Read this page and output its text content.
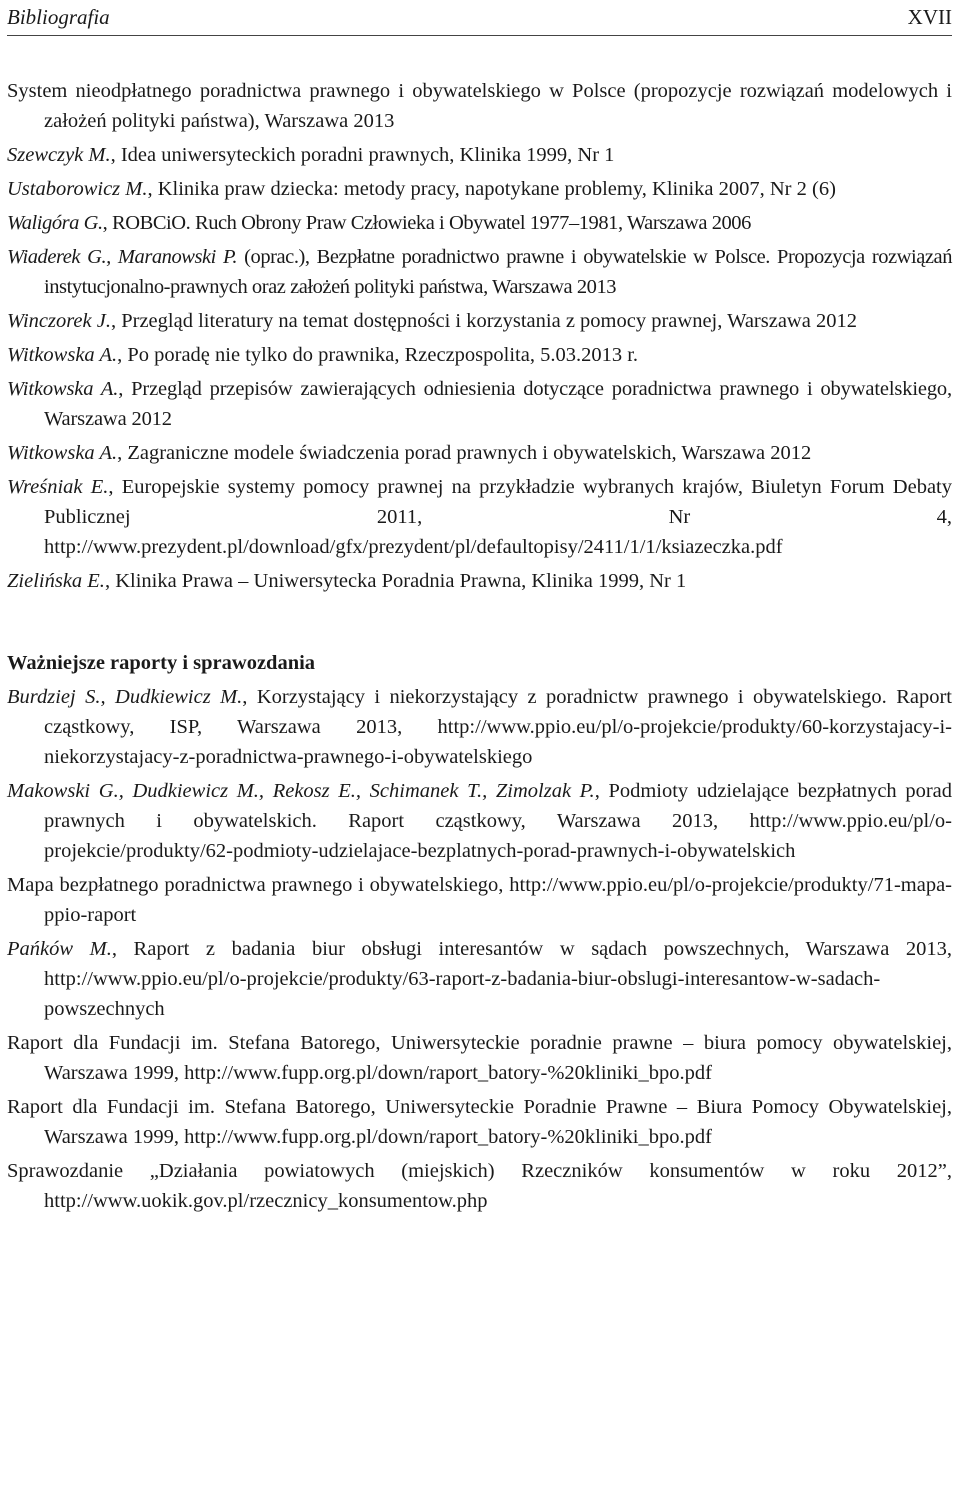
Bibliografia	XVII

System nieodpłatnego poradnictwa prawnego i obywatelskiego w Polsce (propozycje rozwiązań modelowych i założeń polityki państwa), Warszawa 2013

Szewczyk M., Idea uniwersyteckich poradni prawnych, Klinika 1999, Nr 1

Ustaborowicz M., Klinika praw dziecka: metody pracy, napotykane problemy, Klinika 2007, Nr 2 (6)

Waligóra G., ROBCiO. Ruch Obrony Praw Człowieka i Obywatel 1977–1981, Warszawa 2006

Wiaderek G., Maranowski P. (oprac.), Bezpłatne poradnictwo prawne i obywatelskie w Polsce. Propozycja rozwiązań instytucjonalno-prawnych oraz założeń polityki państwa, Warszawa 2013

Winczorek J., Przegląd literatury na temat dostępności i korzystania z pomocy prawnej, Warszawa 2012

Witkowska A., Po poradę nie tylko do prawnika, Rzeczpospolita, 5.03.2013 r.

Witkowska A., Przegląd przepisów zawierających odniesienia dotyczące poradnictwa prawnego i obywatelskiego, Warszawa 2012

Witkowska A., Zagraniczne modele świadczenia porad prawnych i obywatelskich, Warszawa 2012

Wreśniak E., Europejskie systemy pomocy prawnej na przykładzie wybranych krajów, Biuletyn Forum Debaty Publicznej 2011, Nr 4, http://www.prezydent.pl/download/gfx/prezydent/pl/defaultopisy/2411/1/1/ksiazeczka.pdf

Zielińska E., Klinika Prawa – Uniwersytecka Poradnia Prawna, Klinika 1999, Nr 1

Ważniejsze raporty i sprawozdania

Burdziej S., Dudkiewicz M., Korzystający i niekorzystający z poradnictw prawnego i obywatelskiego. Raport cząstkowy, ISP, Warszawa 2013, http://www.ppio.eu/pl/o-projekcie/produkty/60-korzystajacy-i-niekorzystajacy-z-poradnictwa-prawnego-i-obywatelskiego

Makowski G., Dudkiewicz M., Rekosz E., Schimanek T., Zimolzak P., Podmioty udzielające bezpłatnych porad prawnych i obywatelskich. Raport cząstkowy, Warszawa 2013, http://www.ppio.eu/pl/o-projekcie/produkty/62-podmioty-udzielajace-bezplatnych-porad-prawnych-i-obywatelskich

Mapa bezpłatnego poradnictwa prawnego i obywatelskiego, http://www.ppio.eu/pl/o-projekcie/produkty/71-mapa-ppio-raport

Pańków M., Raport z badania biur obsługi interesantów w sądach powszechnych, Warszawa 2013, http://www.ppio.eu/pl/o-projekcie/produkty/63-raport-z-badania-biur-obslugi-interesantow-w-sadach-powszechnych

Raport dla Fundacji im. Stefana Batorego, Uniwersyteckie poradnie prawne – biura pomocy obywatelskiej, Warszawa 1999, http://www.fupp.org.pl/down/raport_batory-%20kliniki_bpo.pdf

Raport dla Fundacji im. Stefana Batorego, Uniwersyteckie Poradnie Prawne – Biura Pomocy Obywatelskiej, Warszawa 1999, http://www.fupp.org.pl/down/raport_batory-%20kliniki_bpo.pdf

Sprawozdanie „Działania powiatowych (miejskich) Rzeczników konsumentów w roku 2012”, http://www.uokik.gov.pl/rzecznicy_konsumentow.php
